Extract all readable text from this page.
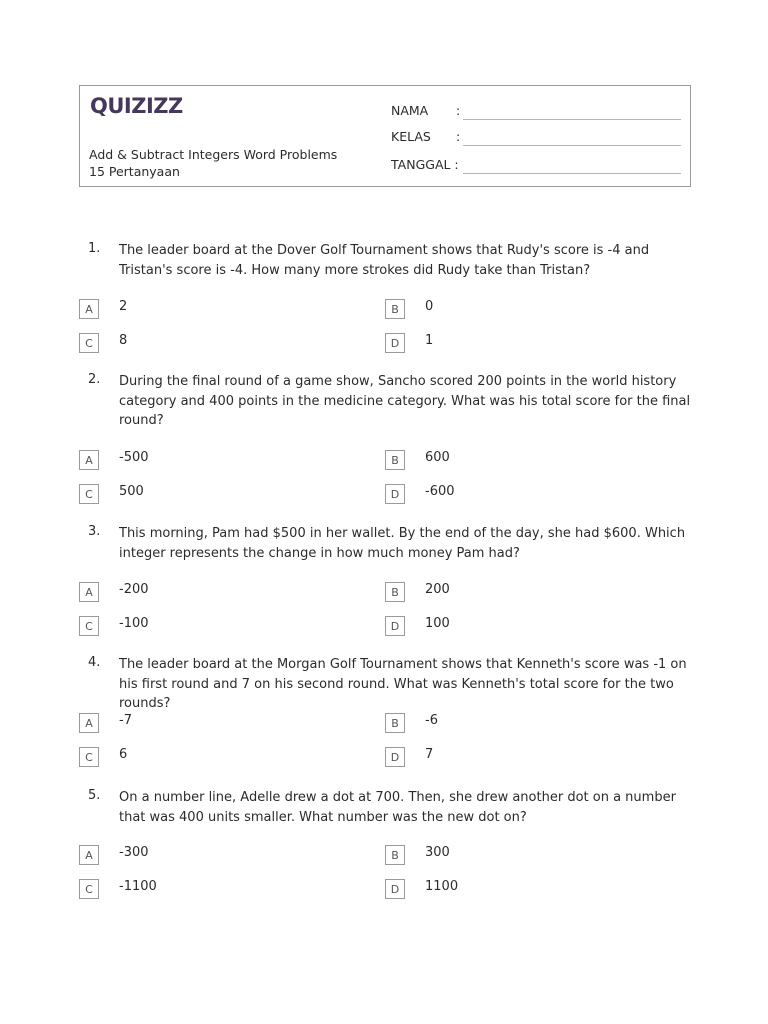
QUIZIZZ
Add & Subtract Integers Word Problems
15 Pertanyaan
NAMA :
KELAS :
TANGGAL :
1. The leader board at the Dover Golf Tournament shows that Rudy's score is -4 and Tristan's score is -4. How many more strokes did Rudy take than Tristan?
A	2	B	0
C	8	D	1
2. During the final round of a game show, Sancho scored 200 points in the world history category and 400 points in the medicine category. What was his total score for the final round?
A	-500	B	600
C	500	D	-600
3. This morning, Pam had $500 in her wallet. By the end of the day, she had $600. Which integer represents the change in how much money Pam had?
A	-200	B	200
C	-100	D	100
4. The leader board at the Morgan Golf Tournament shows that Kenneth's score was -1 on his first round and 7 on his second round. What was Kenneth's total score for the two rounds?
A	-7	B	-6
C	6	D	7
5. On a number line, Adelle drew a dot at 700. Then, she drew another dot on a number that was 400 units smaller. What number was the new dot on?
A	-300	B	300
C	-1100	D	1100
